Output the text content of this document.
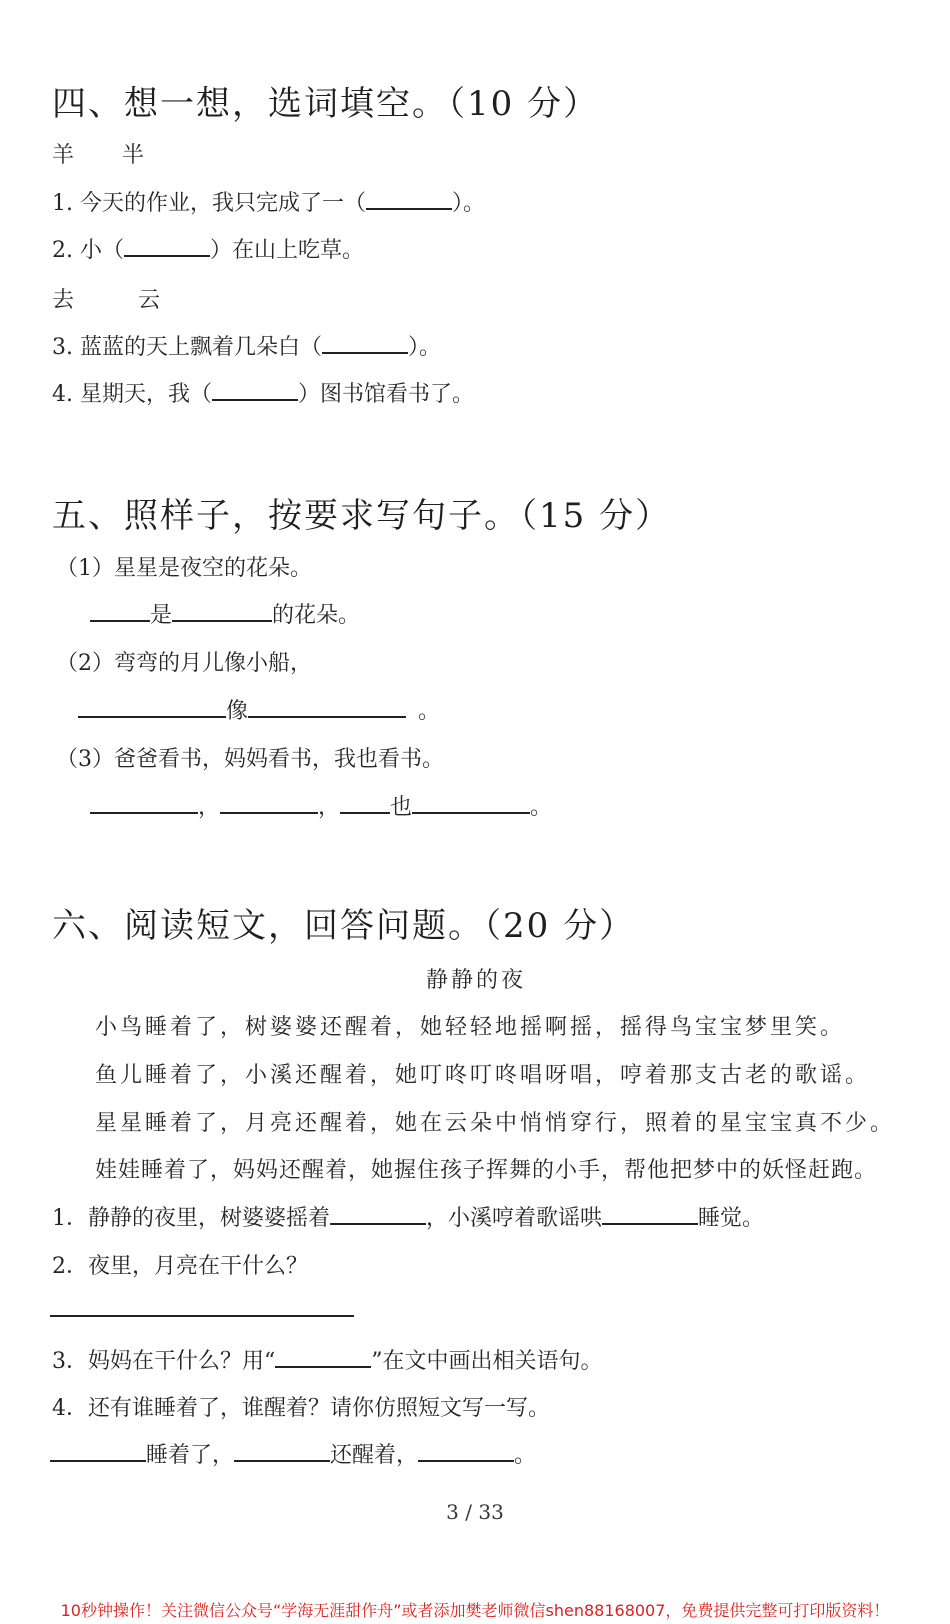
四、想一想，选词填空。（10 分）
羊 半
1. 今天的作业，我只完成了一（	）。
2. 小（	）在山上吃草。
去	云
3. 蓝蓝的天上飘着几朵白（	）。
4. 星期天，我（	）图书馆看书了。
五、照样子，按要求写句子。（15 分）
（1）星星是夜空的花朵。
是	的花朵。
（2）弯弯的月儿像小船，
像	。
（3）爸爸看书，妈妈看书，我也看书。
，	， 也	。
六、阅读短文，回答问题。（20 分）
静静的夜
小鸟睡着了，树婆婆还醒着，她轻轻地摇啊摇，摇得鸟宝宝梦里笑。
鱼儿睡着了，小溪还醒着，她叮咚叮咚唱呀唱，哼着那支古老的歌谣。
星星睡着了，月亮还醒着，她在云朵中悄悄穿行，照着的星宝宝真不少。
娃娃睡着了，妈妈还醒着，她握住孩子挥舞的小手，帮他把梦中的妖怪赶跑。
1．静静的夜里，树婆婆摇着	，小溪哼着歌谣哄	睡觉。
2．夜里，月亮在干什么？
3．妈妈在干什么？用“	”在文中画出相关语句。
4．还有谁睡着了，谁醒着？请你仿照短文写一写。
睡着了，	还醒着，	。
3 / 33
10秒钟操作！关注微信公众号“学海无涯甜作舟”或者添加樊老师微信shen88168007，免费提供完整可打印版资料！
